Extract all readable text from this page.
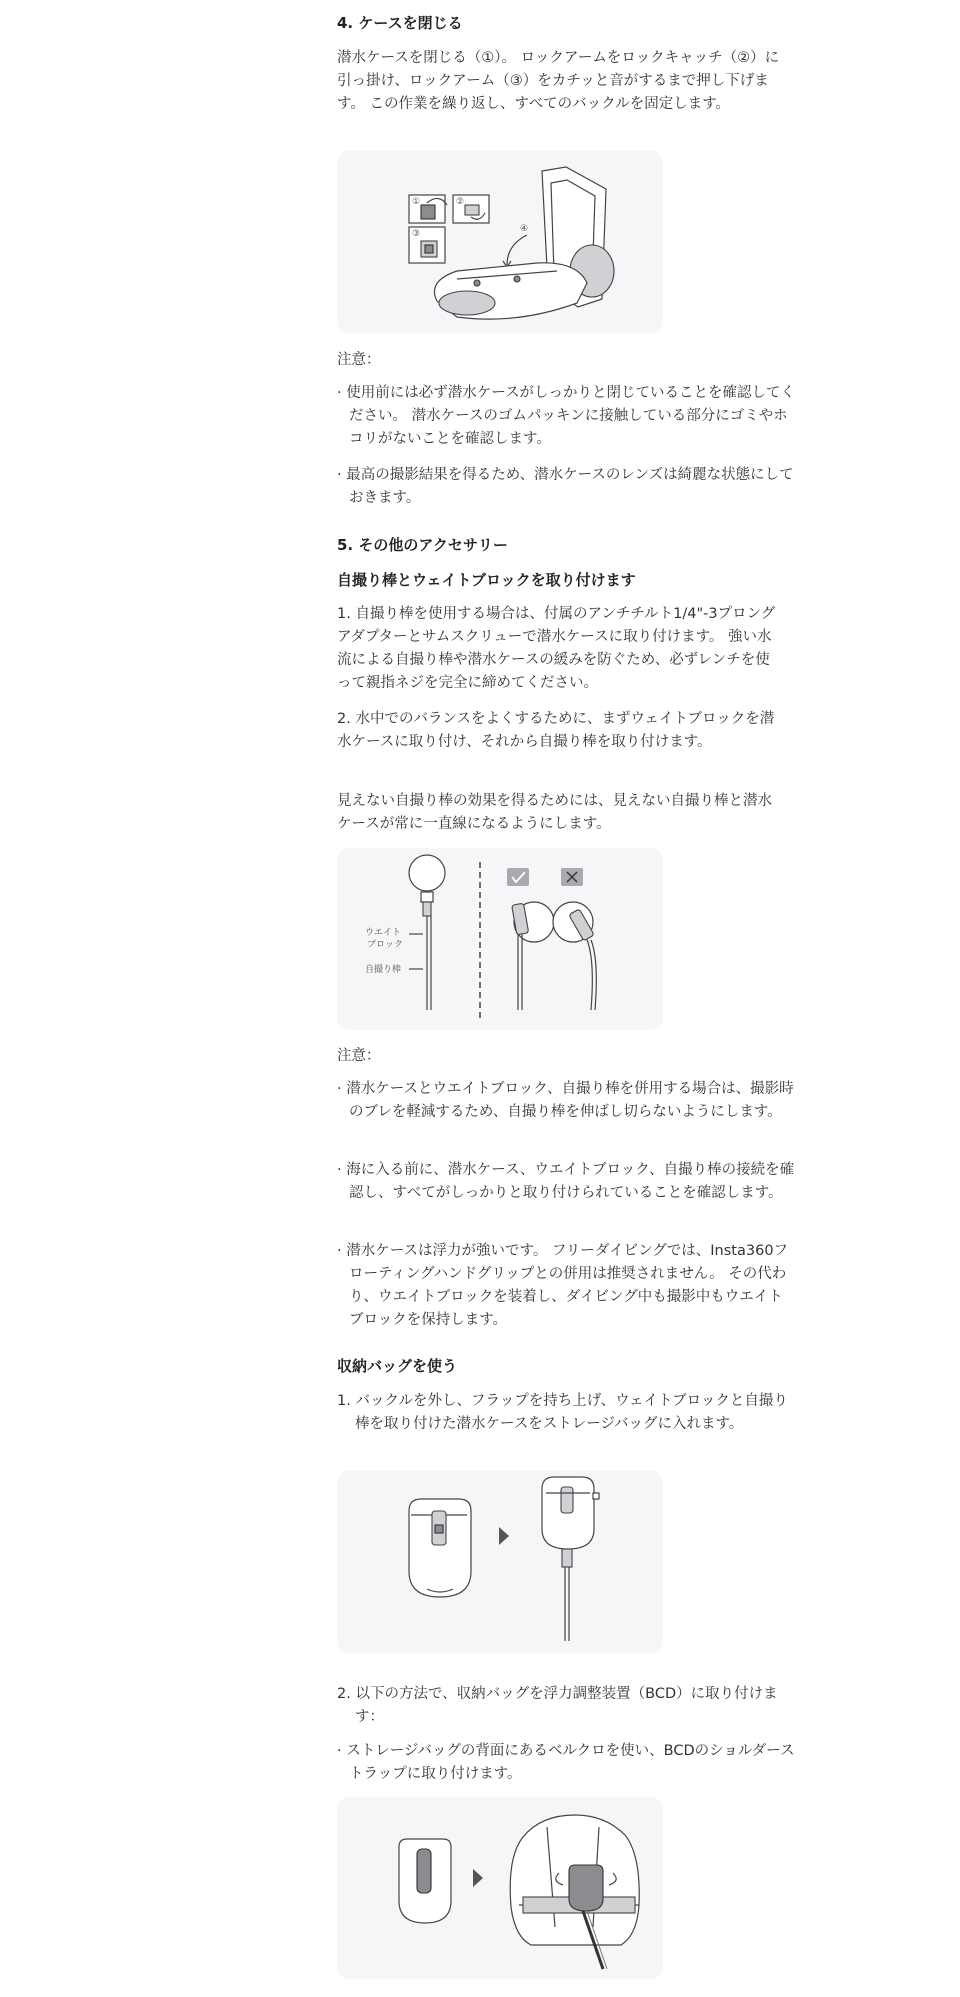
4. ケースを閉じる

潜水ケースを閉じる（①）。 ロックアームをロックキャッチ（②）に引っ掛け、ロックアーム（③）をカチッと音がするまで押し下げます。 この作業を繰り返し、すべてのバックルを固定します。

①	②
③	④
注意：
· 使用前には必ず潜水ケースがしっかりと閉じていることを確認してください。 潜水ケースのゴムパッキンに接触している部分にゴミやホコリがないことを確認します。
· 最高の撮影結果を得るため、潜水ケースのレンズは綺麗な状態にしておきます。
5. その他のアクセサリー
自撮り棒とウェイトブロックを取り付けます

1. 自撮り棒を使用する場合は、付属のアンチチルト1/4"-3プロングアダプターとサムスクリューで潜水ケースに取り付けます。 強い水流による自撮り棒や潜水ケースの緩みを防ぐため、必ずレンチを使って親指ネジを完全に締めてください。

2. 水中でのバランスをよくするために、まずウェイトブロックを潜水ケースに取り付け、それから自撮り棒を取り付けます。

見えない自撮り棒の効果を得るためには、見えない自撮り棒と潜水ケースが常に一直線になるようにします。

ウエイト
ブロック
自撮り棒
注意：
· 潜水ケースとウエイトブロック、自撮り棒を併用する場合は、撮影時のブレを軽減するため、自撮り棒を伸ばし切らないようにします。
· 海に入る前に、潜水ケース、ウエイトブロック、自撮り棒の接続を確認し、すべてがしっかりと取り付けられていることを確認します。
· 潜水ケースは浮力が強いです。 フリーダイビングでは、Insta360フローティングハンドグリップとの併用は推奨されません。 その代わり、ウエイトブロックを装着し、ダイビング中も撮影中もウエイトブロックを保持します。
収納バッグを使う
1. バックルを外し、フラップを持ち上げ、ウェイトブロックと自撮り棒を取り付けた潜水ケースをストレージバッグに入れます。
2. 以下の方法で、収納バッグを浮力調整装置（BCD）に取り付けます：
· ストレージバッグの背面にあるベルクロを使い、BCDのショルダーストラップに取り付けます。
